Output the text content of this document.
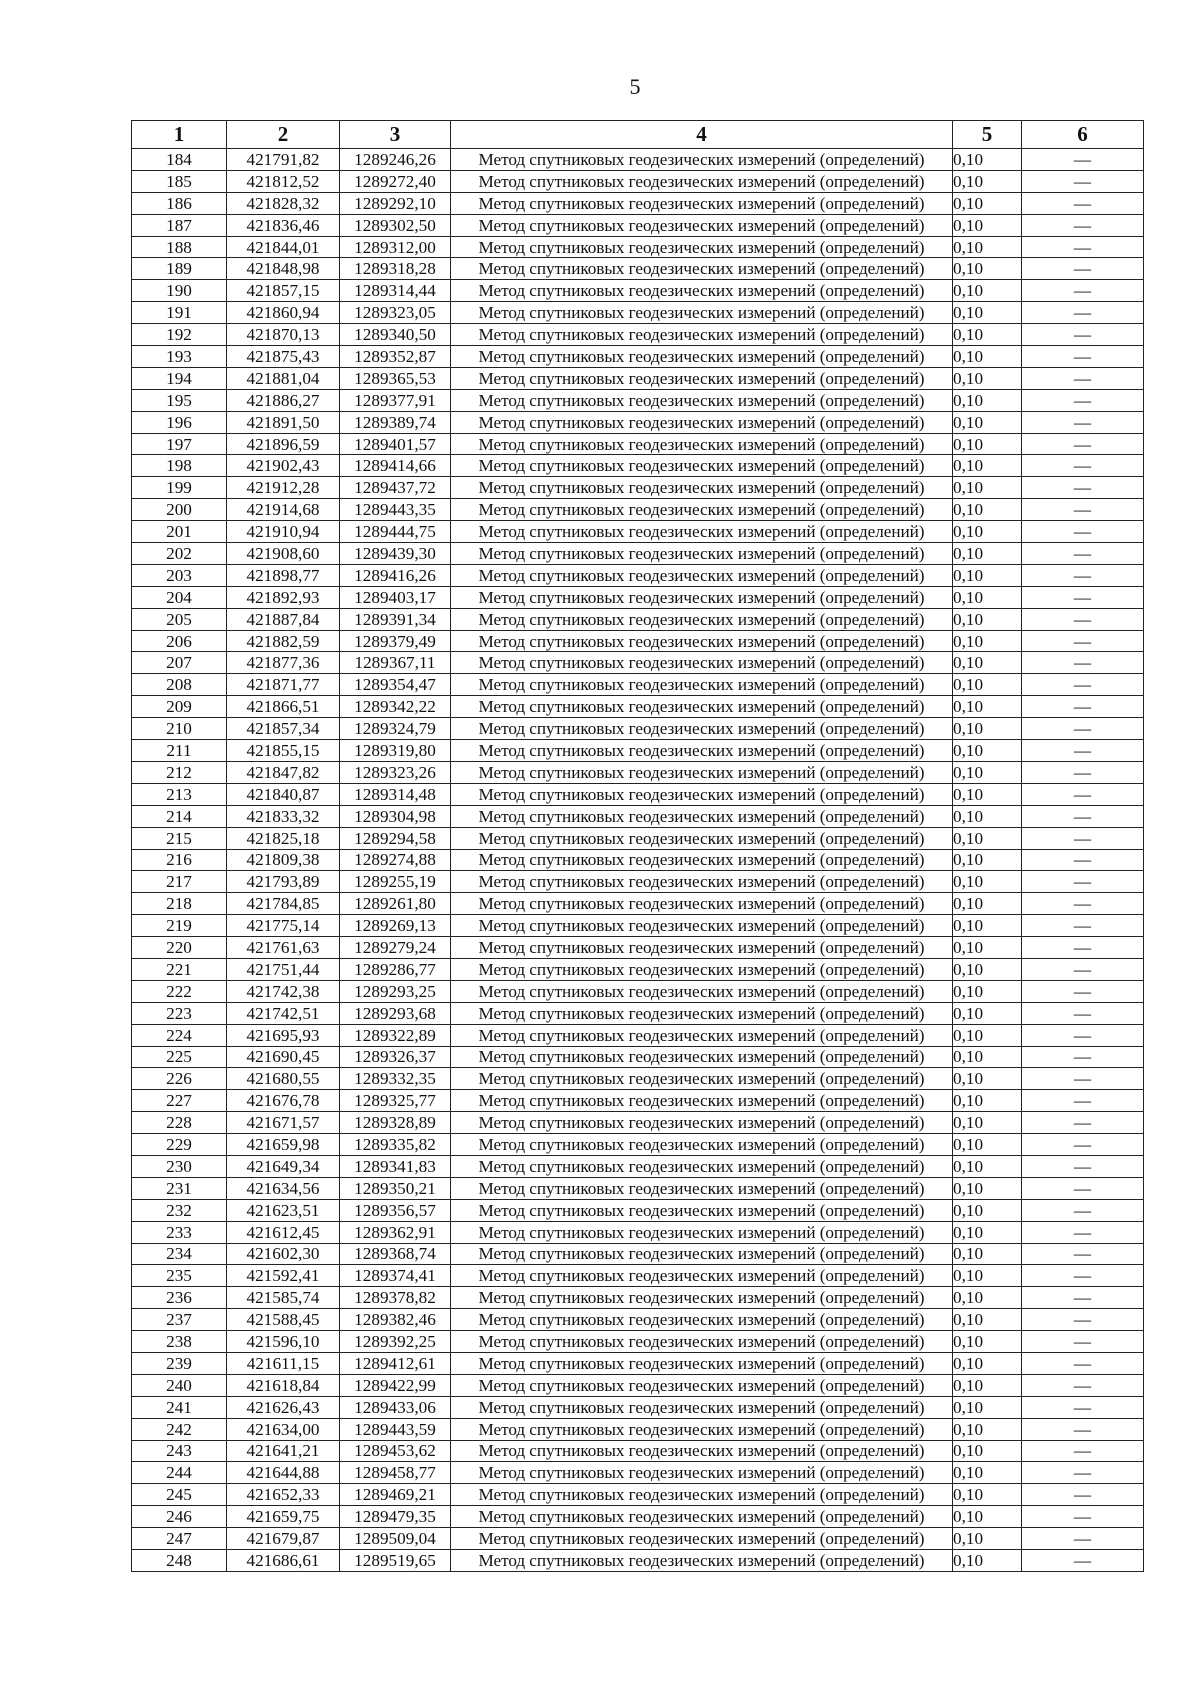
5
1	2	3	4	5	6
184	421791,82	1289246,26	Метод спутниковых геодезических измерений (определений)	0,10	—
185	421812,52	1289272,40	Метод спутниковых геодезических измерений (определений)	0,10	—
186	421828,32	1289292,10	Метод спутниковых геодезических измерений (определений)	0,10	—
187	421836,46	1289302,50	Метод спутниковых геодезических измерений (определений)	0,10	—
188	421844,01	1289312,00	Метод спутниковых геодезических измерений (определений)	0,10	—
189	421848,98	1289318,28	Метод спутниковых геодезических измерений (определений)	0,10	—
190	421857,15	1289314,44	Метод спутниковых геодезических измерений (определений)	0,10	—
191	421860,94	1289323,05	Метод спутниковых геодезических измерений (определений)	0,10	—
192	421870,13	1289340,50	Метод спутниковых геодезических измерений (определений)	0,10	—
193	421875,43	1289352,87	Метод спутниковых геодезических измерений (определений)	0,10	—
194	421881,04	1289365,53	Метод спутниковых геодезических измерений (определений)	0,10	—
195	421886,27	1289377,91	Метод спутниковых геодезических измерений (определений)	0,10	—
196	421891,50	1289389,74	Метод спутниковых геодезических измерений (определений)	0,10	—
197	421896,59	1289401,57	Метод спутниковых геодезических измерений (определений)	0,10	—
198	421902,43	1289414,66	Метод спутниковых геодезических измерений (определений)	0,10	—
199	421912,28	1289437,72	Метод спутниковых геодезических измерений (определений)	0,10	—
200	421914,68	1289443,35	Метод спутниковых геодезических измерений (определений)	0,10	—
201	421910,94	1289444,75	Метод спутниковых геодезических измерений (определений)	0,10	—
202	421908,60	1289439,30	Метод спутниковых геодезических измерений (определений)	0,10	—
203	421898,77	1289416,26	Метод спутниковых геодезических измерений (определений)	0,10	—
204	421892,93	1289403,17	Метод спутниковых геодезических измерений (определений)	0,10	—
205	421887,84	1289391,34	Метод спутниковых геодезических измерений (определений)	0,10	—
206	421882,59	1289379,49	Метод спутниковых геодезических измерений (определений)	0,10	—
207	421877,36	1289367,11	Метод спутниковых геодезических измерений (определений)	0,10	—
208	421871,77	1289354,47	Метод спутниковых геодезических измерений (определений)	0,10	—
209	421866,51	1289342,22	Метод спутниковых геодезических измерений (определений)	0,10	—
210	421857,34	1289324,79	Метод спутниковых геодезических измерений (определений)	0,10	—
211	421855,15	1289319,80	Метод спутниковых геодезических измерений (определений)	0,10	—
212	421847,82	1289323,26	Метод спутниковых геодезических измерений (определений)	0,10	—
213	421840,87	1289314,48	Метод спутниковых геодезических измерений (определений)	0,10	—
214	421833,32	1289304,98	Метод спутниковых геодезических измерений (определений)	0,10	—
215	421825,18	1289294,58	Метод спутниковых геодезических измерений (определений)	0,10	—
216	421809,38	1289274,88	Метод спутниковых геодезических измерений (определений)	0,10	—
217	421793,89	1289255,19	Метод спутниковых геодезических измерений (определений)	0,10	—
218	421784,85	1289261,80	Метод спутниковых геодезических измерений (определений)	0,10	—
219	421775,14	1289269,13	Метод спутниковых геодезических измерений (определений)	0,10	—
220	421761,63	1289279,24	Метод спутниковых геодезических измерений (определений)	0,10	—
221	421751,44	1289286,77	Метод спутниковых геодезических измерений (определений)	0,10	—
222	421742,38	1289293,25	Метод спутниковых геодезических измерений (определений)	0,10	—
223	421742,51	1289293,68	Метод спутниковых геодезических измерений (определений)	0,10	—
224	421695,93	1289322,89	Метод спутниковых геодезических измерений (определений)	0,10	—
225	421690,45	1289326,37	Метод спутниковых геодезических измерений (определений)	0,10	—
226	421680,55	1289332,35	Метод спутниковых геодезических измерений (определений)	0,10	—
227	421676,78	1289325,77	Метод спутниковых геодезических измерений (определений)	0,10	—
228	421671,57	1289328,89	Метод спутниковых геодезических измерений (определений)	0,10	—
229	421659,98	1289335,82	Метод спутниковых геодезических измерений (определений)	0,10	—
230	421649,34	1289341,83	Метод спутниковых геодезических измерений (определений)	0,10	—
231	421634,56	1289350,21	Метод спутниковых геодезических измерений (определений)	0,10	—
232	421623,51	1289356,57	Метод спутниковых геодезических измерений (определений)	0,10	—
233	421612,45	1289362,91	Метод спутниковых геодезических измерений (определений)	0,10	—
234	421602,30	1289368,74	Метод спутниковых геодезических измерений (определений)	0,10	—
235	421592,41	1289374,41	Метод спутниковых геодезических измерений (определений)	0,10	—
236	421585,74	1289378,82	Метод спутниковых геодезических измерений (определений)	0,10	—
237	421588,45	1289382,46	Метод спутниковых геодезических измерений (определений)	0,10	—
238	421596,10	1289392,25	Метод спутниковых геодезических измерений (определений)	0,10	—
239	421611,15	1289412,61	Метод спутниковых геодезических измерений (определений)	0,10	—
240	421618,84	1289422,99	Метод спутниковых геодезических измерений (определений)	0,10	—
241	421626,43	1289433,06	Метод спутниковых геодезических измерений (определений)	0,10	—
242	421634,00	1289443,59	Метод спутниковых геодезических измерений (определений)	0,10	—
243	421641,21	1289453,62	Метод спутниковых геодезических измерений (определений)	0,10	—
244	421644,88	1289458,77	Метод спутниковых геодезических измерений (определений)	0,10	—
245	421652,33	1289469,21	Метод спутниковых геодезических измерений (определений)	0,10	—
246	421659,75	1289479,35	Метод спутниковых геодезических измерений (определений)	0,10	—
247	421679,87	1289509,04	Метод спутниковых геодезических измерений (определений)	0,10	—
248	421686,61	1289519,65	Метод спутниковых геодезических измерений (определений)	0,10	—
